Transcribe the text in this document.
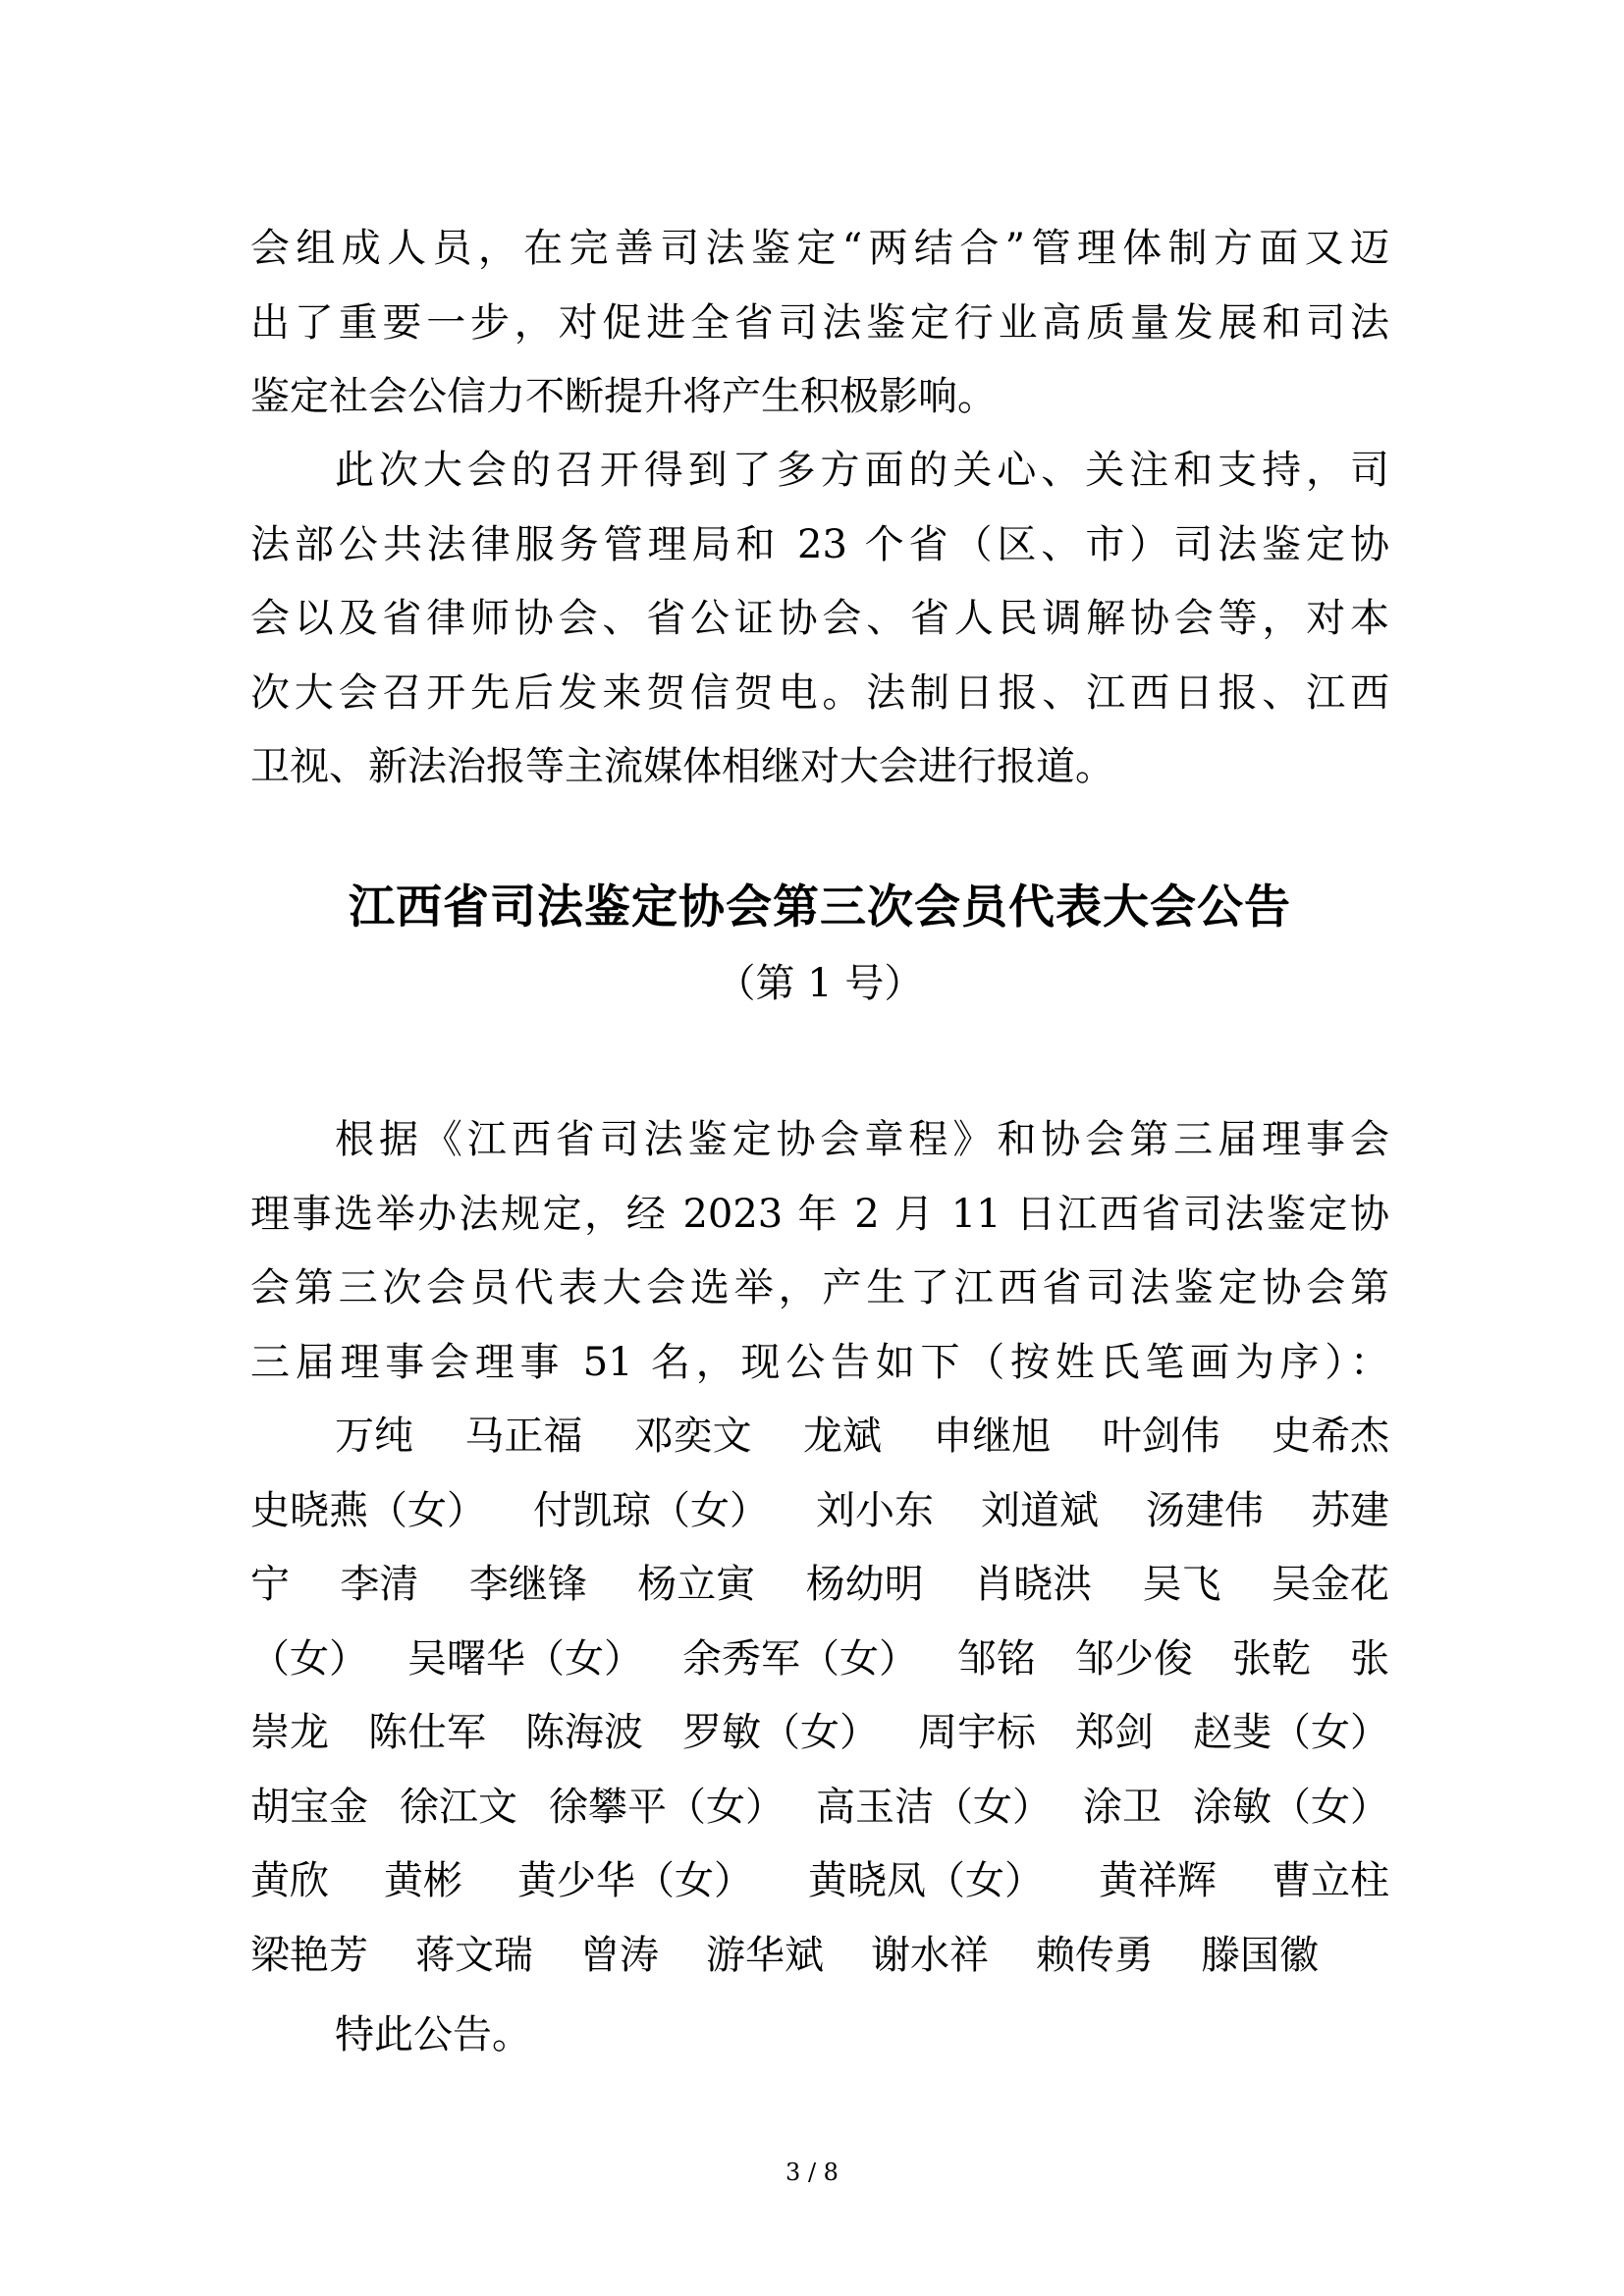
会组成人员，在完善司法鉴定“两结合”管理体制方面又迈
出了重要一步，对促进全省司法鉴定行业高质量发展和司法
鉴定社会公信力不断提升将产生积极影响。
此次大会的召开得到了多方面的关心、关注和支持，司
法部公共法律服务管理局和 23 个省（区、市）司法鉴定协
会以及省律师协会、省公证协会、省人民调解协会等，对本
次大会召开先后发来贺信贺电。法制日报、江西日报、江西
卫视、新法治报等主流媒体相继对大会进行报道。
江西省司法鉴定协会第三次会员代表大会公告

（第 1 号）

根据《江西省司法鉴定协会章程》和协会第三届理事会
理事选举办法规定，经 2023 年 2 月 11 日江西省司法鉴定协
会第三次会员代表大会选举，产生了江西省司法鉴定协会第
三届理事会理事 51 名，现公告如下（按姓氏笔画为序）：
万纯 马正福 邓奕文 龙斌 申继旭 叶剑伟 史希杰
史晓燕（女） 付凯琼（女） 刘小东 刘道斌 汤建伟 苏建
宁 李清 李继锋 杨立寅 杨幼明 肖晓洪 吴飞 吴金花
（女） 吴曙华（女） 余秀军（女） 邹铭 邹少俊 张乾 张
崇龙 陈仕军 陈海波 罗敏（女） 周宇标 郑剑 赵斐（女）
胡宝金 徐江文 徐攀平（女） 高玉洁（女） 涂卫 涂敏（女）
黄欣 黄彬 黄少华（女） 黄晓凤（女） 黄祥辉 曹立柱
梁艳芳 蒋文瑞 曾涛 游华斌 谢水祥 赖传勇 滕国徽

特此公告。

3 / 8
